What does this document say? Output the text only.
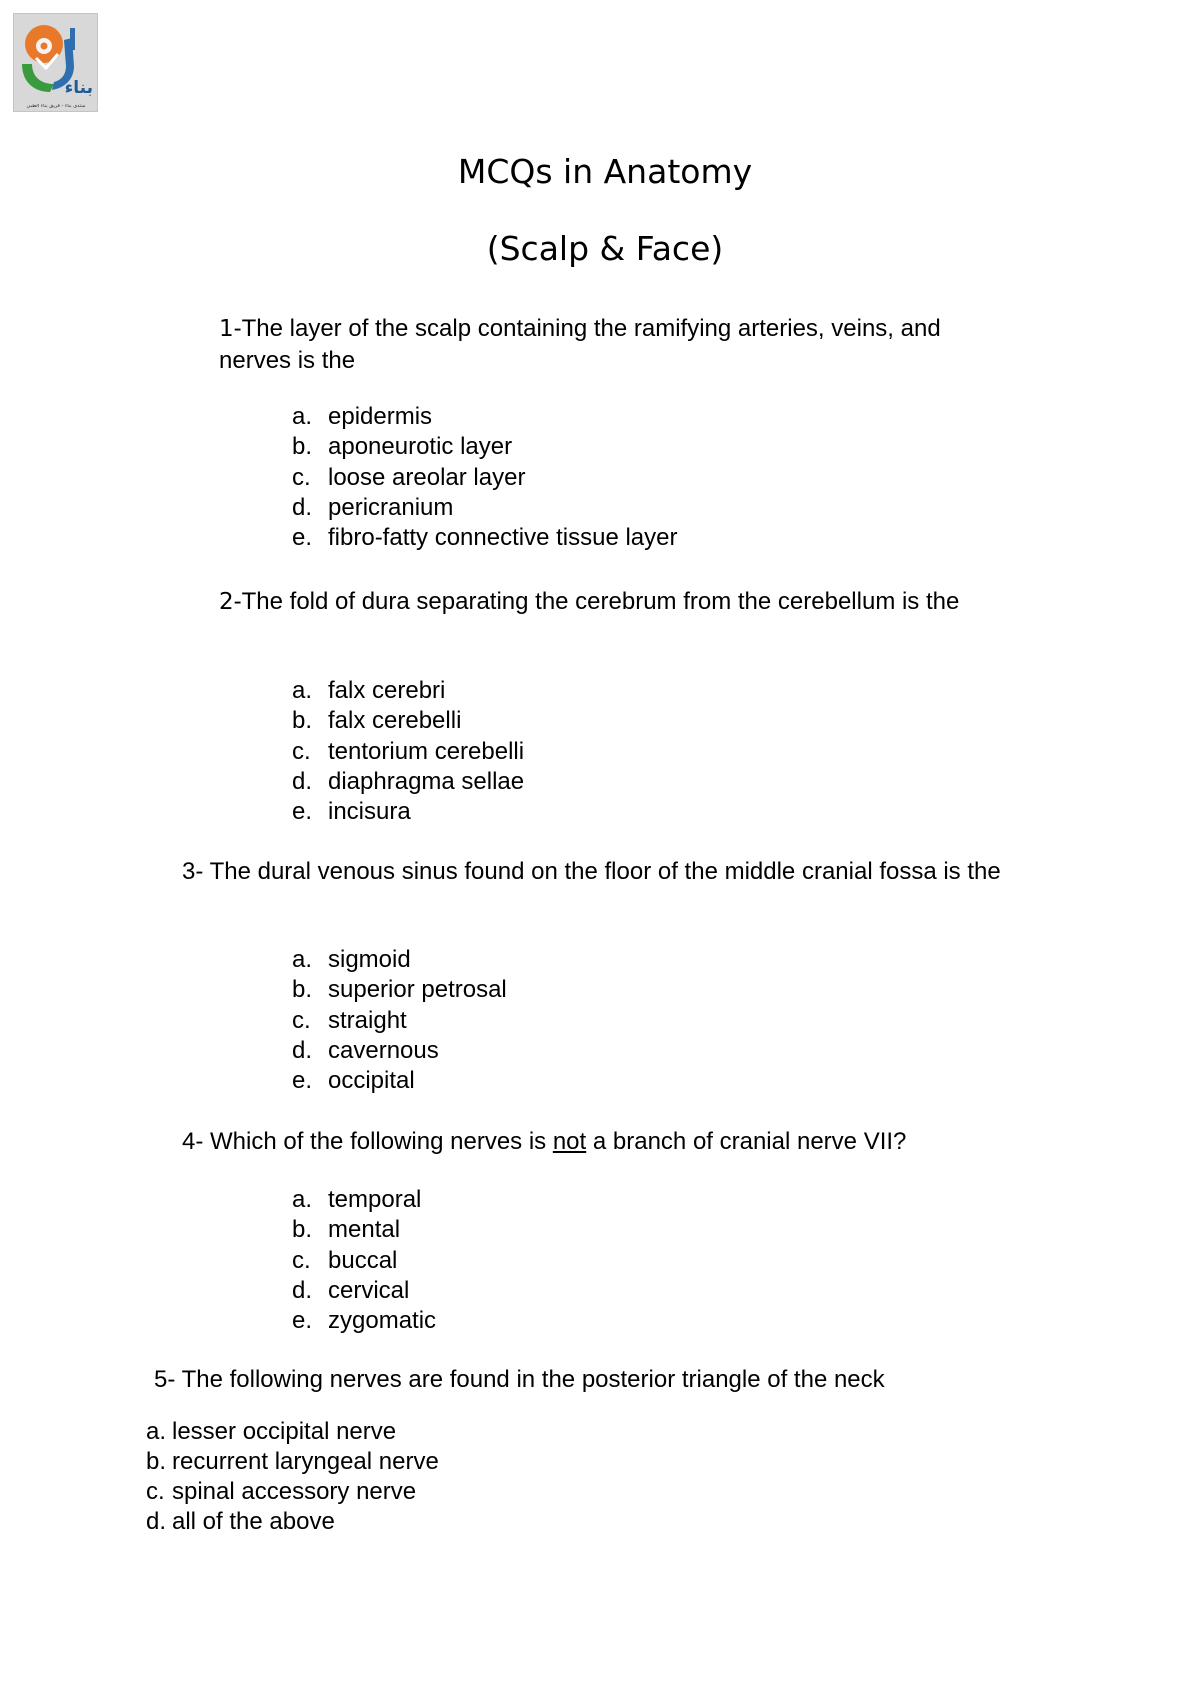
بناء
منتدى بناء - فريق بناء الطبي
MCQs in Anatomy
(Scalp & Face)

1-The layer of the scalp containing the ramifying arteries, veins, and nerves is the

a. epidermis
b. aponeurotic layer
c. loose areolar layer
d. pericranium
e. fibro-fatty connective tissue layer

2-The fold of dura separating the cerebrum from the cerebellum is the

a. falx cerebri
b. falx cerebelli
c. tentorium cerebelli
d. diaphragma sellae
e. incisura

3- The dural venous sinus found on the floor of the middle cranial fossa is the

a. sigmoid
b. superior petrosal
c. straight
d. cavernous
e. occipital

4- Which of the following nerves is not a branch of cranial nerve VII?

a. temporal
b. mental
c. buccal
d. cervical
e. zygomatic

5- The following nerves are found in the posterior triangle of the neck

a. lesser occipital nerve
b. recurrent laryngeal nerve
c. spinal accessory nerve
d. all of the above
